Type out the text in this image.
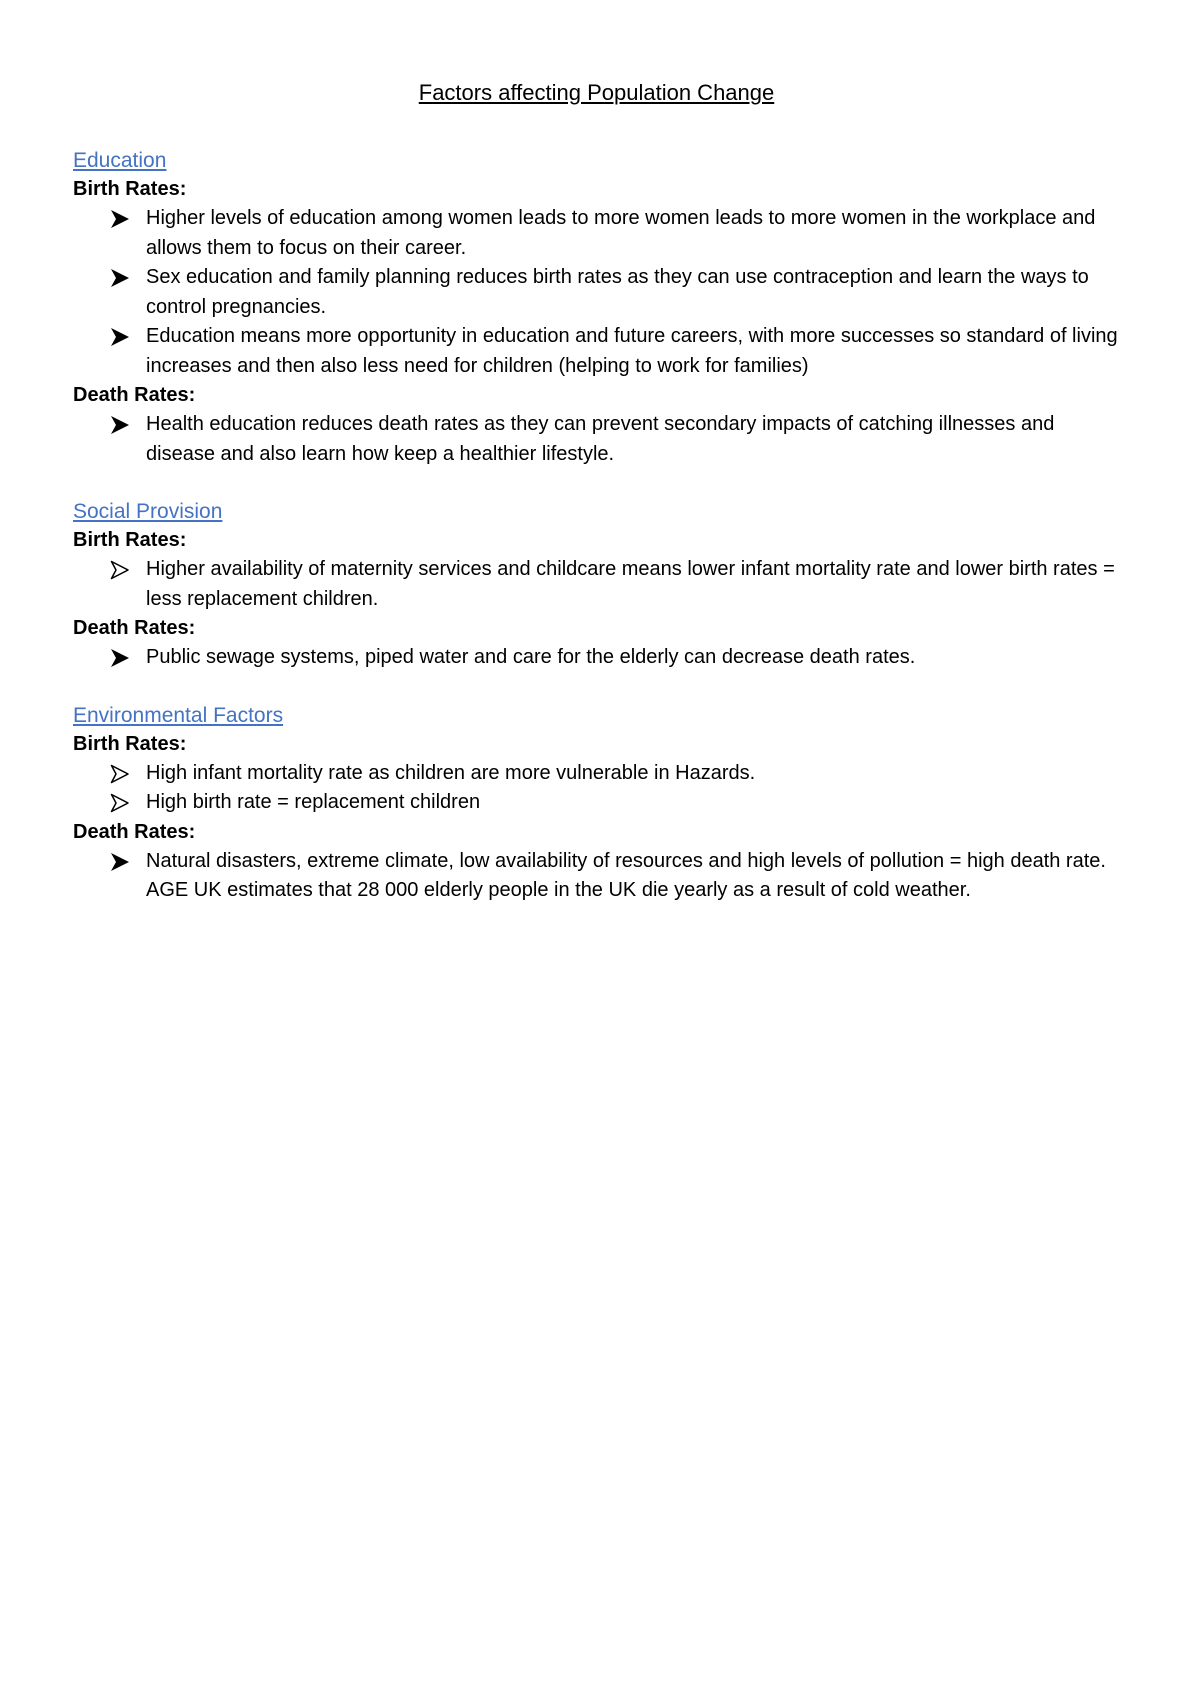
Factors affecting Population Change
Education
Birth Rates:
Higher levels of education among women leads to more women leads to more women in the workplace and allows them to focus on their career.
Sex education and family planning reduces birth rates as they can use contraception and learn the ways to control pregnancies.
Education means more opportunity in education and future careers, with more successes so standard of living increases and then also less need for children (helping to work for families)
Death Rates:
Health education reduces death rates as they can prevent secondary impacts of catching illnesses and disease and also learn how keep a healthier lifestyle.
Social Provision
Birth Rates:
Higher availability of maternity services and childcare means lower infant mortality rate and lower birth rates = less replacement children.
Death Rates:
Public sewage systems, piped water and care for the elderly can decrease death rates.
Environmental Factors
Birth Rates:
High infant mortality rate as children are more vulnerable in Hazards.
High birth rate = replacement children
Death Rates:
Natural disasters, extreme climate, low availability of resources and high levels of pollution = high death rate.
AGE UK estimates that 28 000 elderly people in the UK die yearly as a result of cold weather.
